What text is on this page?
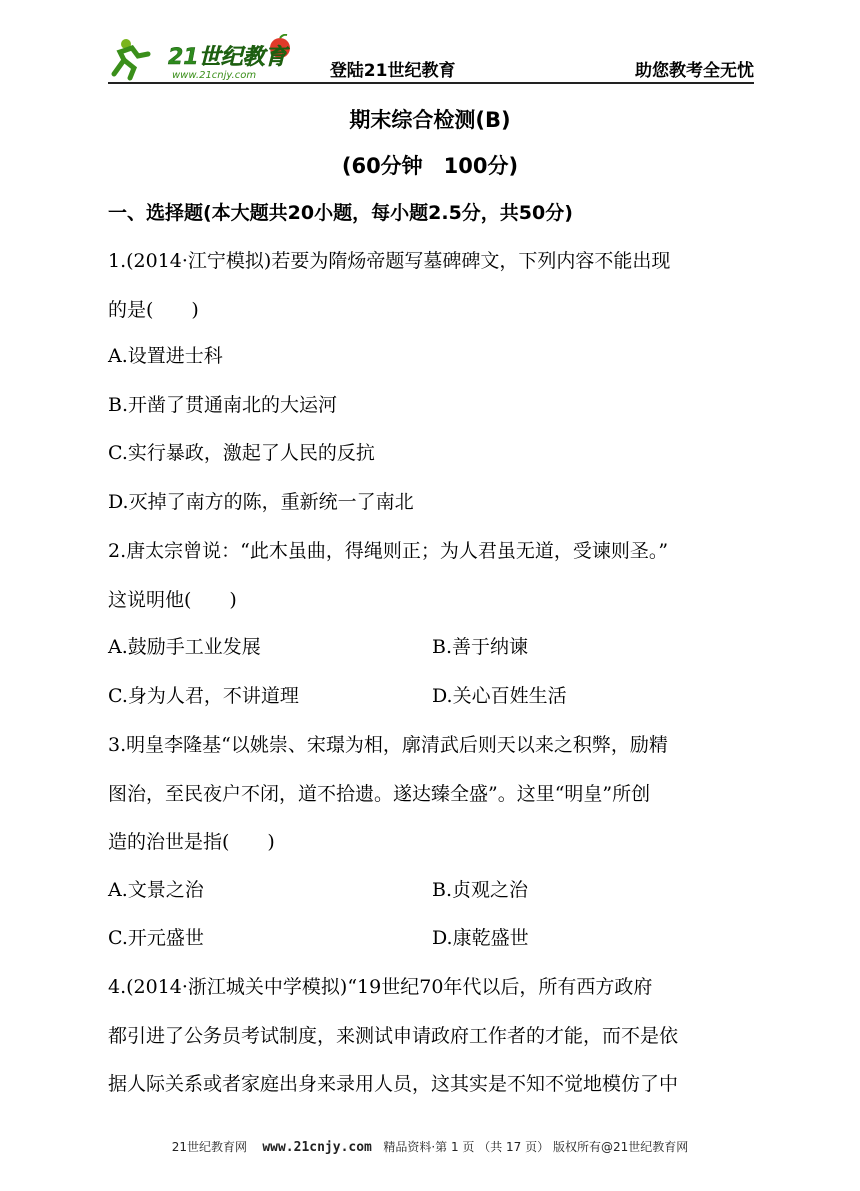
21世纪教育
www.21cnjy.com	登陆21世纪教育	助您教考全无忧
期末综合检测(B)
(60分钟　100分)
一、选择题(本大题共20小题，每小题2.5分，共50分)
1.(2014·江宁模拟)若要为隋炀帝题写墓碑碑文，下列内容不能出现
的是(　　)
A.设置进士科
B.开凿了贯通南北的大运河
C.实行暴政，激起了人民的反抗
D.灭掉了南方的陈，重新统一了南北
2.唐太宗曾说：“此木虽曲，得绳则正；为人君虽无道，受谏则圣。”
这说明他(　　)
A.鼓励手工业发展	B.善于纳谏
C.身为人君，不讲道理	D.关心百姓生活
3.明皇李隆基“以姚崇、宋璟为相，廓清武后则天以来之积弊，励精
图治，至民夜户不闭，道不拾遗。遂达臻全盛”。这里“明皇”所创
造的治世是指(　　)
A.文景之治	B.贞观之治
C.开元盛世	D.康乾盛世
4.(2014·浙江城关中学模拟)“19世纪70年代以后，所有西方政府
都引进了公务员考试制度，来测试申请政府工作者的才能，而不是依
据人际关系或者家庭出身来录用人员，这其实是不知不觉地模仿了中
21世纪教育网 www.21cnjy.com 精品资料·第 1 页 （共 17 页） 版权所有@21世纪教育网
